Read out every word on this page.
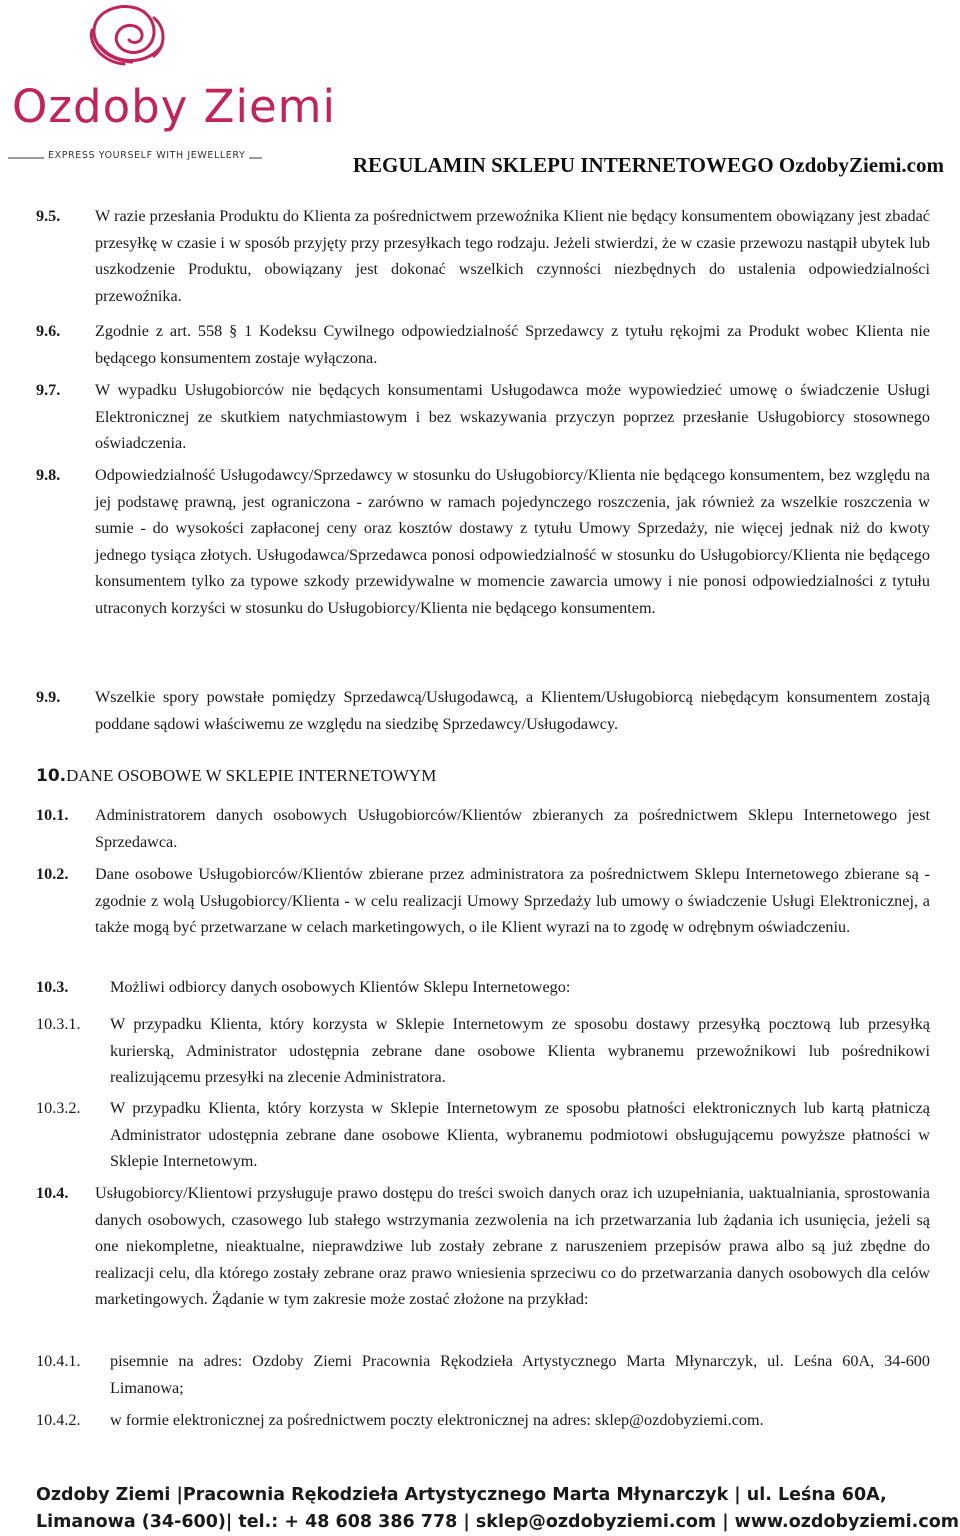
Ozdoby Ziemi
EXPRESS YOURSELF WITH JEWELLERY	REGULAMIN SKLEPU INTERNETOWEGO OzdobyZiemi.com
9.5. W razie przesłania Produktu do Klienta za pośrednictwem przewoźnika Klient nie będący konsumentem obowiązany jest zbadać przesyłkę w czasie i w sposób przyjęty przy przesyłkach tego rodzaju. Jeżeli stwierdzi, że w czasie przewozu nastąpił ubytek lub uszkodzenie Produktu, obowiązany jest dokonać wszelkich czynności niezbędnych do ustalenia odpowiedzialności przewoźnika.
9.6. Zgodnie z art. 558 § 1 Kodeksu Cywilnego odpowiedzialność Sprzedawcy z tytułu rękojmi za Produkt wobec Klienta nie będącego konsumentem zostaje wyłączona.
9.7. W wypadku Usługobiorców nie będących konsumentami Usługodawca może wypowiedzieć umowę o świadczenie Usługi Elektronicznej ze skutkiem natychmiastowym i bez wskazywania przyczyn poprzez przesłanie Usługobiorcy stosownego oświadczenia.
9.8. Odpowiedzialność Usługodawcy/Sprzedawcy w stosunku do Usługobiorcy/Klienta nie będącego konsumentem, bez względu na jej podstawę prawną, jest ograniczona - zarówno w ramach pojedynczego roszczenia, jak również za wszelkie roszczenia w sumie - do wysokości zapłaconej ceny oraz kosztów dostawy z tytułu Umowy Sprzedaży, nie więcej jednak niż do kwoty jednego tysiąca złotych. Usługodawca/Sprzedawca ponosi odpowiedzialność w stosunku do Usługobiorcy/Klienta nie będącego konsumentem tylko za typowe szkody przewidywalne w momencie zawarcia umowy i nie ponosi odpowiedzialności z tytułu utraconych korzyści w stosunku do Usługobiorcy/Klienta nie będącego konsumentem.
9.9. Wszelkie spory powstałe pomiędzy Sprzedawcą/Usługodawcą, a Klientem/Usługobiorcą niebędącym konsumentem zostają poddane sądowi właściwemu ze względu na siedzibę Sprzedawcy/Usługodawcy.
10.DANE OSOBOWE W SKLEPIE INTERNETOWYM
10.1. Administratorem danych osobowych Usługobiorców/Klientów zbieranych za pośrednictwem Sklepu Internetowego jest Sprzedawca.
10.2. Dane osobowe Usługobiorców/Klientów zbierane przez administratora za pośrednictwem Sklepu Internetowego zbierane są - zgodnie z wolą Usługobiorcy/Klienta - w celu realizacji Umowy Sprzedaży lub umowy o świadczenie Usługi Elektronicznej, a także mogą być przetwarzane w celach marketingowych, o ile Klient wyrazi na to zgodę w odrębnym oświadczeniu.
10.3.	Możliwi odbiorcy danych osobowych Klientów Sklepu Internetowego:
10.3.1. W przypadku Klienta, który korzysta w Sklepie Internetowym ze sposobu dostawy przesyłką pocztową lub przesyłką kurierską, Administrator udostępnia zebrane dane osobowe Klienta wybranemu przewoźnikowi lub pośrednikowi realizującemu przesyłki na zlecenie Administratora.
10.3.2. W przypadku Klienta, który korzysta w Sklepie Internetowym ze sposobu płatności elektronicznych lub kartą płatniczą Administrator udostępnia zebrane dane osobowe Klienta, wybranemu podmiotowi obsługującemu powyższe płatności w Sklepie Internetowym.
10.4. Usługobiorcy/Klientowi przysługuje prawo dostępu do treści swoich danych oraz ich uzupełniania, uaktualniania, sprostowania danych osobowych, czasowego lub stałego wstrzymania zezwolenia na ich przetwarzania lub żądania ich usunięcia, jeżeli są one niekompletne, nieaktualne, nieprawdziwe lub zostały zebrane z naruszeniem przepisów prawa albo są już zbędne do realizacji celu, dla którego zostały zebrane oraz prawo wniesienia sprzeciwu co do przetwarzania danych osobowych dla celów marketingowych. Żądanie w tym zakresie może zostać złożone na przykład:
10.4.1. pisemnie na adres: Ozdoby Ziemi Pracownia Rękodzieła Artystycznego Marta Młynarczyk, ul. Leśna 60A, 34-600 Limanowa;
10.4.2. w formie elektronicznej za pośrednictwem poczty elektronicznej na adres: sklep@ozdobyziemi.com.
Ozdoby Ziemi |Pracownia Rękodzieła Artystycznego Marta Młynarczyk | ul. Leśna 60A,
Limanowa (34-600)| tel.: + 48 608 386 778 | sklep@ozdobyziemi.com | www.ozdobyziemi.com
